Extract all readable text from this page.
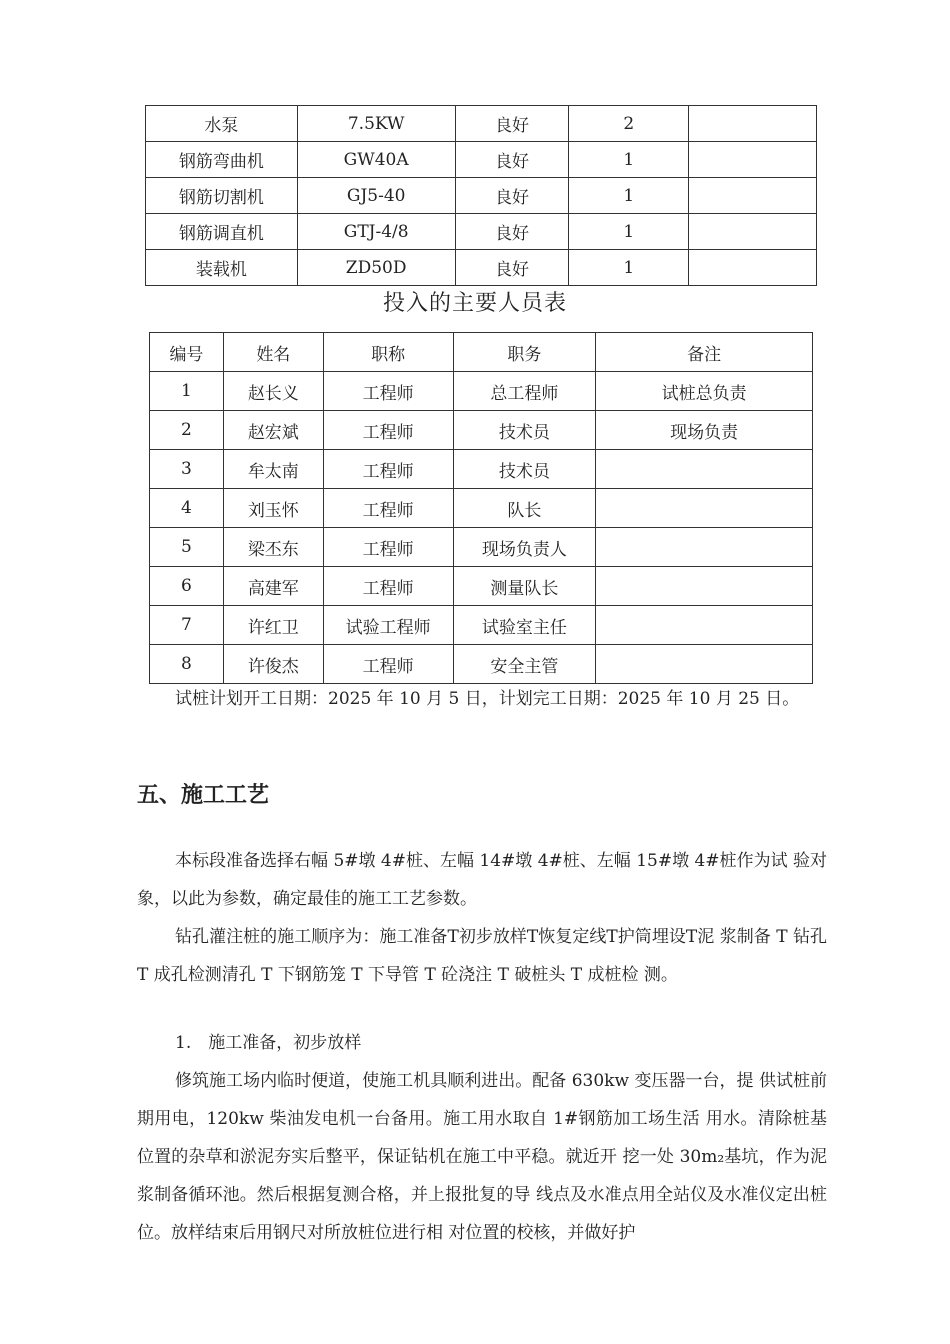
水泵	7.5KW	良好	2	
钢筋弯曲机	GW40A	良好	1	
钢筋切割机	GJ5-40	良好	1	
钢筋调直机	GTJ-4/8	良好	1	
装载机	ZD50D	良好	1	
投入的主要人员表
编号	姓名	职称	职务	备注
1	赵长义	工程师	总工程师	试桩总负责
2	赵宏斌	工程师	技术员	现场负责
3	牟太南	工程师	技术员	
4	刘玉怀	工程师	队长	
5	梁丕东	工程师	现场负责人	
6	高建军	工程师	测量队长	
7	许红卫	试验工程师	试验室主任	
8	许俊杰	工程师	安全主管	

试桩计划开工日期：2025 年 10 月 5 日，计划完工日期：2025 年 10 月 25 日。

五、施工工艺

本标段准备选择右幅 5#墩 4#桩、左幅 14#墩 4#桩、左幅 15#墩 4#桩作为试 验对象，以此为参数，确定最佳的施工工艺参数。

钻孔灌注桩的施工顺序为：施工准备T初步放样T恢复定线T护筒埋设T泥 浆制备 T 钻孔 T 成孔检测清孔 T 下钢筋笼 T 下导管 T 砼浇注 T 破桩头 T 成桩检 测。

1.　施工准备，初步放样

修筑施工场内临时便道，使施工机具顺利进出。配备 630kw 变压器一台，提 供试桩前期用电，120kw 柴油发电机一台备用。施工用水取自 1#钢筋加工场生活 用水。清除桩基位置的杂草和淤泥夯实后整平，保证钻机在施工中平稳。就近开 挖一处 30m₂基坑，作为泥浆制备循环池。然后根据复测合格，并上报批复的导 线点及水准点用全站仪及水准仪定出桩位。放样结束后用钢尺对所放桩位进行相 对位置的校核，并做好护
